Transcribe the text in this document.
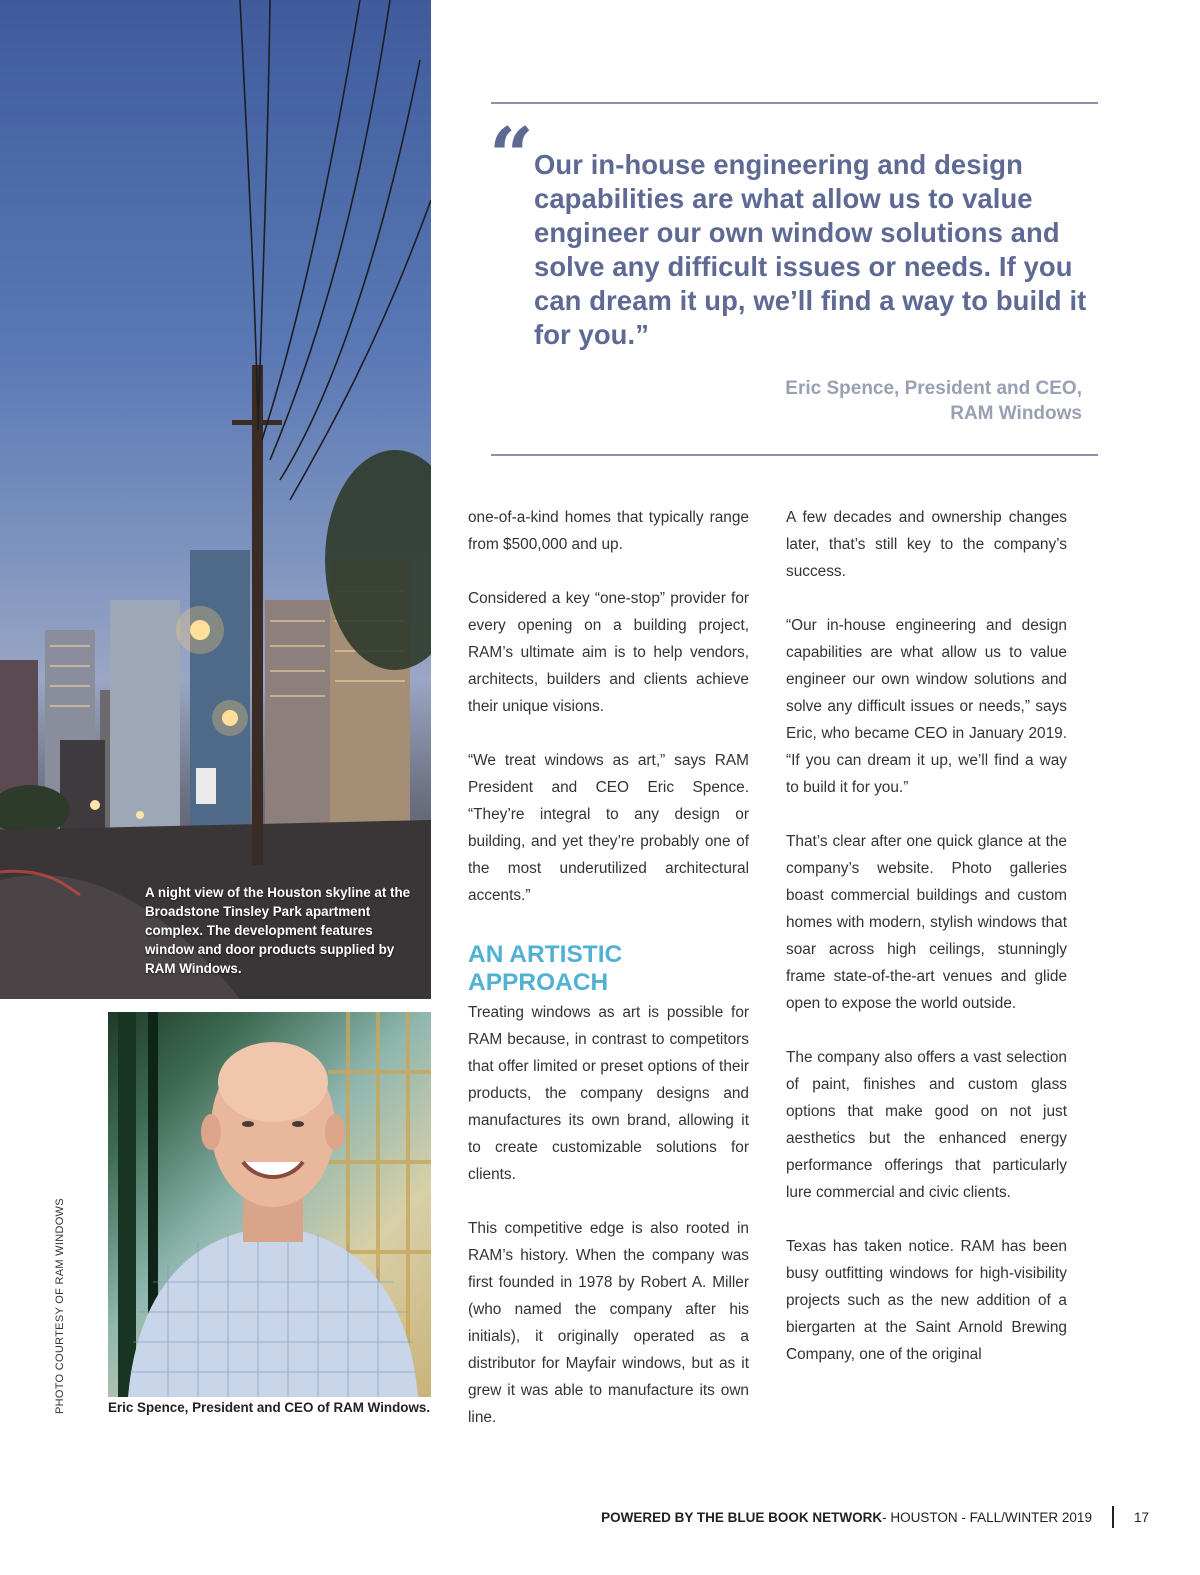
A night view of the Houston skyline at the Broadstone Tinsley Park apartment complex. The development features window and door products supplied by RAM Windows.
Eric Spence, President and CEO of RAM Windows.
PHOTO COURTESY OF RAM WINDOWS
“ Our in-house engineering and design capabilities are what allow us to value engineer our own window solutions and solve any difficult issues or needs. If you can dream it up, we’ll find a way to build it for you.”
Eric Spence, President and CEO,
RAM Windows

one-of-a-kind homes that typically range from $500,000 and up.

Considered a key “one-stop” provider for every opening on a building project, RAM’s ultimate aim is to help vendors, architects, builders and clients achieve their unique visions.

“We treat windows as art,” says RAM President and CEO Eric Spence. “They’re integral to any design or building, and yet they’re probably one of the most underutilized architectural accents.”

AN ARTISTIC
APPROACH

Treating windows as art is possible for RAM because, in contrast to competitors that offer limited or preset options of their products, the company designs and manufactures its own brand, allowing it to create customizable solutions for clients.

This competitive edge is also rooted in RAM’s history. When the company was first founded in 1978 by Robert A. Miller (who named the company after his initials), it originally operated as a distributor for Mayfair windows, but as it grew it was able to manufacture its own line.

A few decades and ownership changes later, that’s still key to the company’s success.

“Our in-house engineering and design capabilities are what allow us to value engineer our own window solutions and solve any difficult issues or needs,” says Eric, who became CEO in January 2019. “If you can dream it up, we’ll find a way to build it for you.”

That’s clear after one quick glance at the company’s website. Photo galleries boast commercial buildings and custom homes with modern, stylish windows that soar across high ceilings, stunningly frame state-of-the-art venues and glide open to expose the world outside.

The company also offers a vast selection of paint, finishes and custom glass options that make good on not just aesthetics but the enhanced energy performance offerings that particularly lure commercial and civic clients.

Texas has taken notice. RAM has been busy outfitting windows for high-visibility projects such as the new addition of a biergarten at the Saint Arnold Brewing Company, one of the original

POWERED BY THE BLUE BOOK NETWORK - HOUSTON - FALL/WINTER 2019	17
